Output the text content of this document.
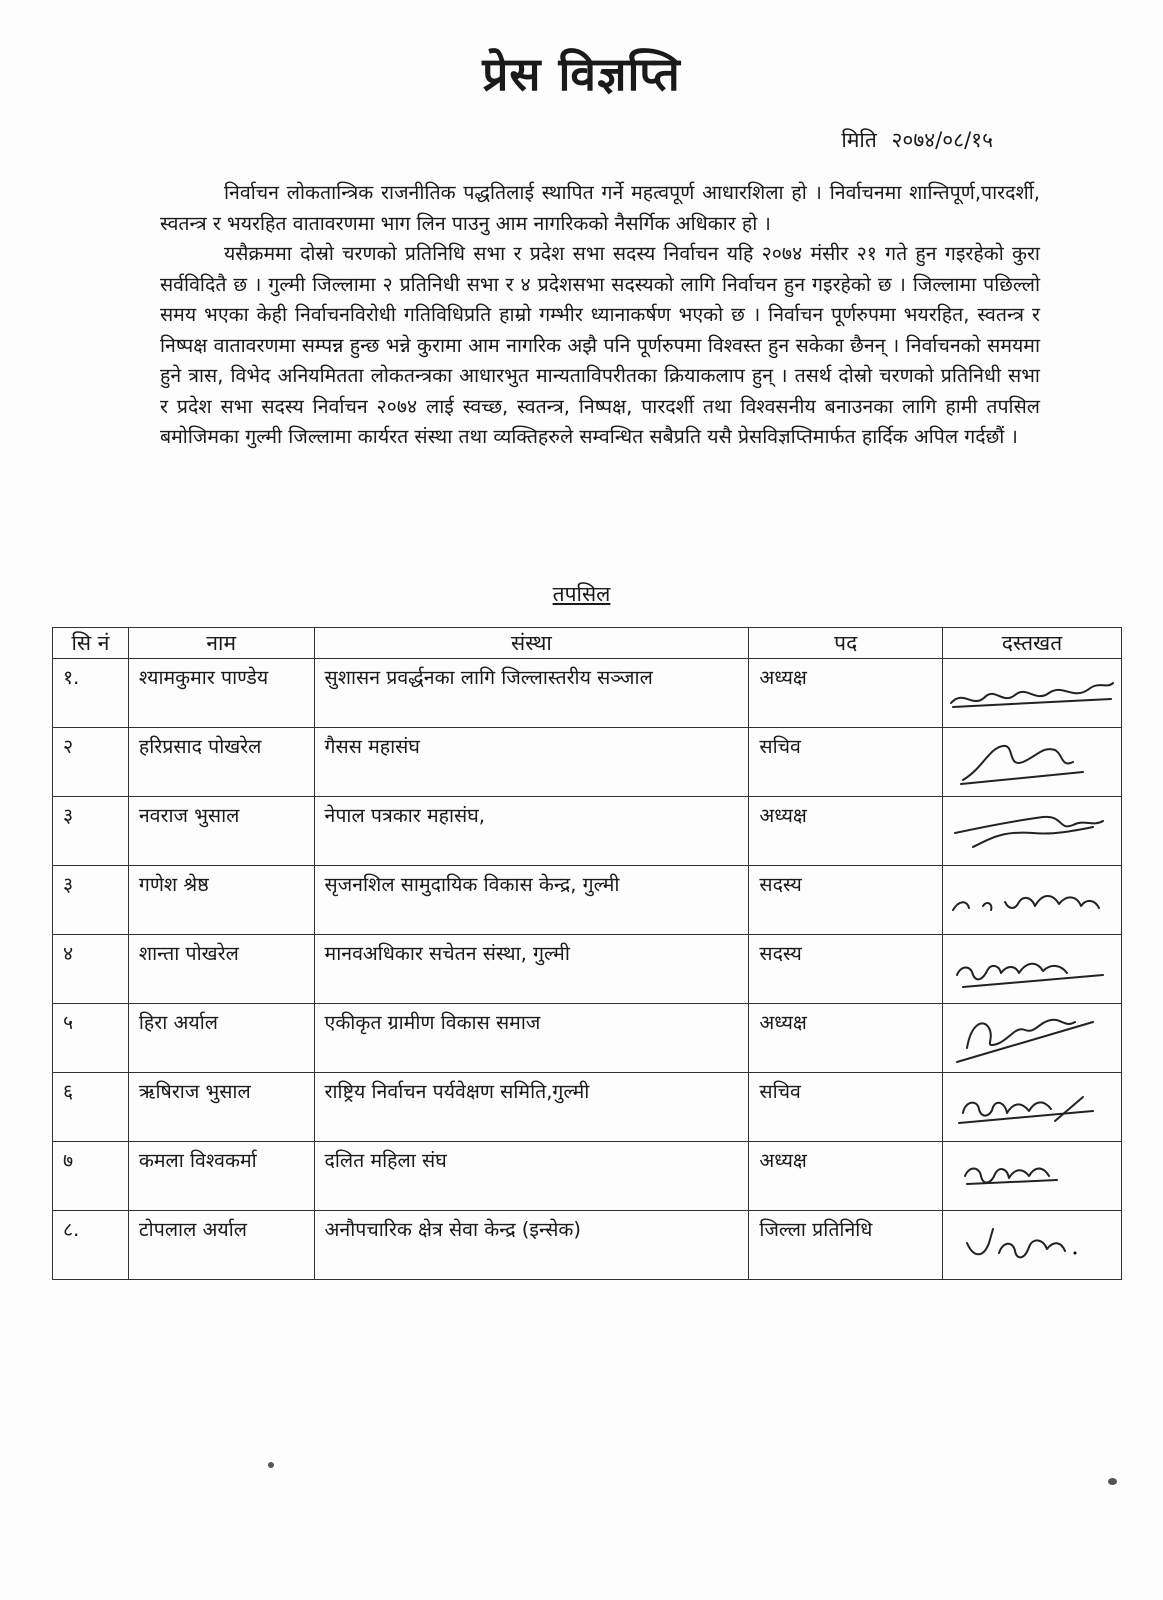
प्रेस विज्ञप्ति
मिति २०७४/०८/१५

निर्वाचन लोकतान्त्रिक राजनीतिक पद्धतिलाई स्थापित गर्ने महत्वपूर्ण आधारशिला हो । निर्वाचनमा शान्तिपूर्ण,पारदर्शी, स्वतन्त्र र भयरहित वातावरणमा भाग लिन पाउनु आम नागरिकको नैसर्गिक अधिकार हो ।

यसैक्रममा दोस्रो चरणको प्रतिनिधि सभा र प्रदेश सभा सदस्य निर्वाचन यहि २०७४ मंसीर २१ गते हुन गइरहेको कुरा सर्वविदितै छ । गुल्मी जिल्लामा २ प्रतिनिधी सभा र ४ प्रदेशसभा सदस्यको लागि निर्वाचन हुन गइरहेको छ । जिल्लामा पछिल्लो समय भएका केही निर्वाचनविरोधी गतिविधिप्रति हाम्रो गम्भीर ध्यानाकर्षण भएको छ । निर्वाचन पूर्णरुपमा भयरहित, स्वतन्त्र र निष्पक्ष वातावरणमा सम्पन्न हुन्छ भन्ने कुरामा आम नागरिक अझै पनि पूर्णरुपमा विश्वस्त हुन सकेका छैनन् । निर्वाचनको समयमा हुने त्रास, विभेद अनियमितता लोकतन्त्रका आधारभुत मान्यताविपरीतका क्रियाकलाप हुन् । तसर्थ दोस्रो चरणको प्रतिनिधी सभा र प्रदेश सभा सदस्य निर्वाचन २०७४ लाई स्वच्छ, स्वतन्त्र, निष्पक्ष, पारदर्शी तथा विश्वसनीय बनाउनका लागि हामी तपसिल बमोजिमका गुल्मी जिल्लामा कार्यरत संस्था तथा व्यक्तिहरुले सम्वन्धित सबैप्रति यसै प्रेसविज्ञप्तिमार्फत हार्दिक अपिल गर्दछौं ।

तपसिल
सि नं	नाम	संस्था	पद	दस्तखत
१.	श्यामकुमार पाण्डेय	सुशासन प्रवर्द्धनका लागि जिल्लास्तरीय सञ्जाल	अध्यक्ष	

२	हरिप्रसाद पोखरेल	गैसस महासंघ	सचिव	

३	नवराज भुसाल	नेपाल पत्रकार महासंघ,	अध्यक्ष	

३	गणेश श्रेष्ठ	सृजनशिल सामुदायिक विकास केन्द्र, गुल्मी	सदस्य	

४	शान्ता पोखरेल	मानवअधिकार सचेतन संस्था, गुल्मी	सदस्य	

५	हिरा अर्याल	एकीकृत ग्रामीण विकास समाज	अध्यक्ष	

६	ऋषिराज भुसाल	राष्ट्रिय निर्वाचन पर्यवेक्षण समिति,गुल्मी	सचिव	

७	कमला विश्वकर्मा	दलित महिला संघ	अध्यक्ष	

८.	टोपलाल अर्याल	अनौपचारिक क्षेत्र सेवा केन्द्र (इन्सेक)	जिल्ला प्रतिनिधि	
